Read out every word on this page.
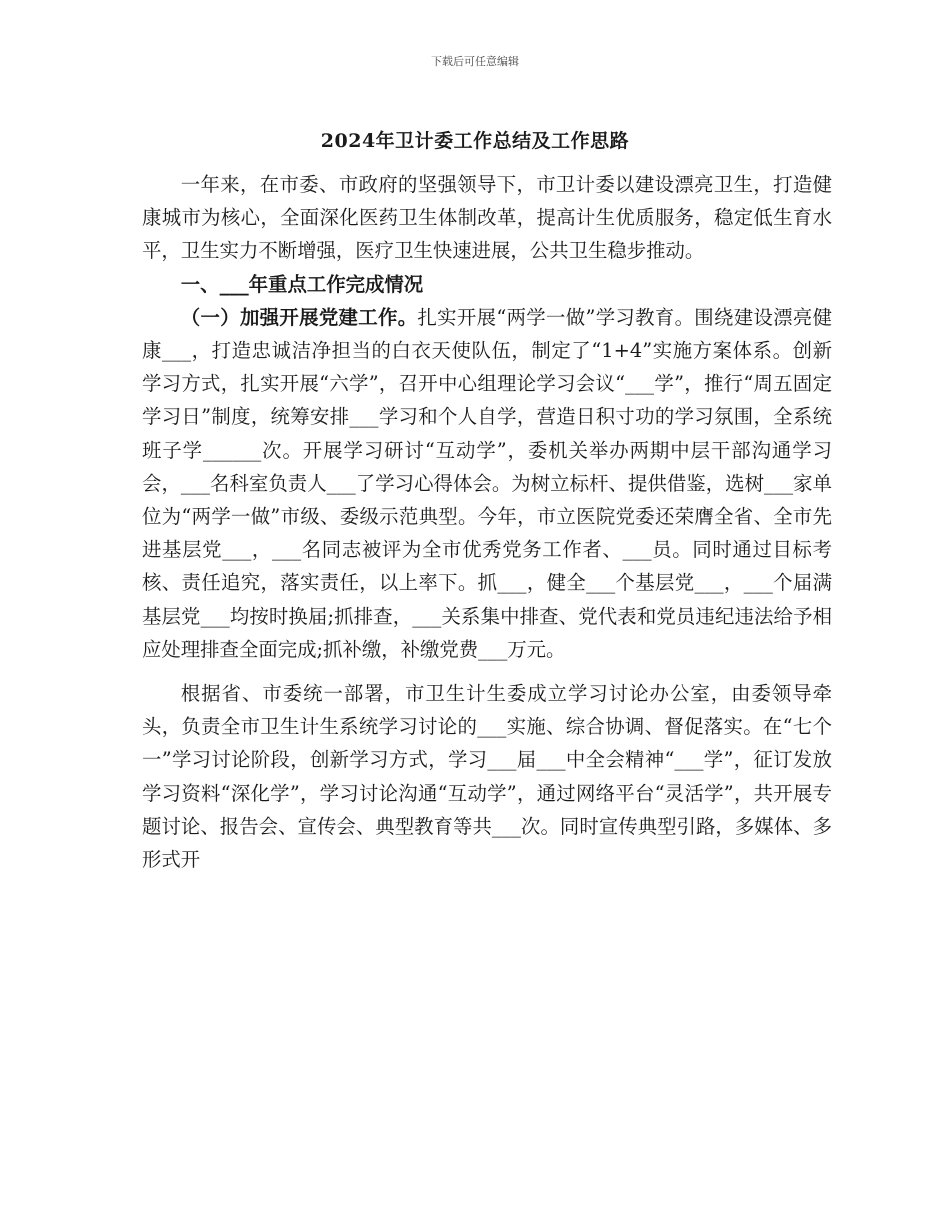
下载后可任意编辑
2024年卫计委工作总结及工作思路

一年来，在市委、市政府的坚强领导下，市卫计委以建设漂亮卫生，打造健康城市为核心，全面深化医药卫生体制改革，提高计生优质服务，稳定低生育水平，卫生实力不断增强，医疗卫生快速进展，公共卫生稳步推动。

一、___年重点工作完成情况

（一）加强开展党建工作。扎实开展“两学一做”学习教育。围绕建设漂亮健康___，打造忠诚洁净担当的白衣天使队伍，制定了“1+4”实施方案体系。创新学习方式，扎实开展“六学”，召开中心组理论学习会议“___学”，推行“周五固定学习日”制度，统筹安排___学习和个人自学，营造日积寸功的学习氛围，全系统班子学______次。开展学习研讨“互动学”，委机关举办两期中层干部沟通学习会，___名科室负责人___了学习心得体会。为树立标杆、提供借鉴，选树___家单位为“两学一做”市级、委级示范典型。今年，市立医院党委还荣膺全省、全市先进基层党___，___名同志被评为全市优秀党务工作者、___员。同时通过目标考核、责任追究，落实责任，以上率下。抓___，健全___个基层党___，___个届满基层党___均按时换届;抓排查，___关系集中排查、党代表和党员违纪违法给予相应处理排查全面完成;抓补缴，补缴党费___万元。

根据省、市委统一部署，市卫生计生委成立学习讨论办公室，由委领导牵头，负责全市卫生计生系统学习讨论的___实施、综合协调、督促落实。在“七个一”学习讨论阶段，创新学习方式，学习___届___中全会精神“___学”，征订发放学习资料“深化学”，学习讨论沟通“互动学”，通过网络平台“灵活学”，共开展专题讨论、报告会、宣传会、典型教育等共___次。同时宣传典型引路，多媒体、多形式开
